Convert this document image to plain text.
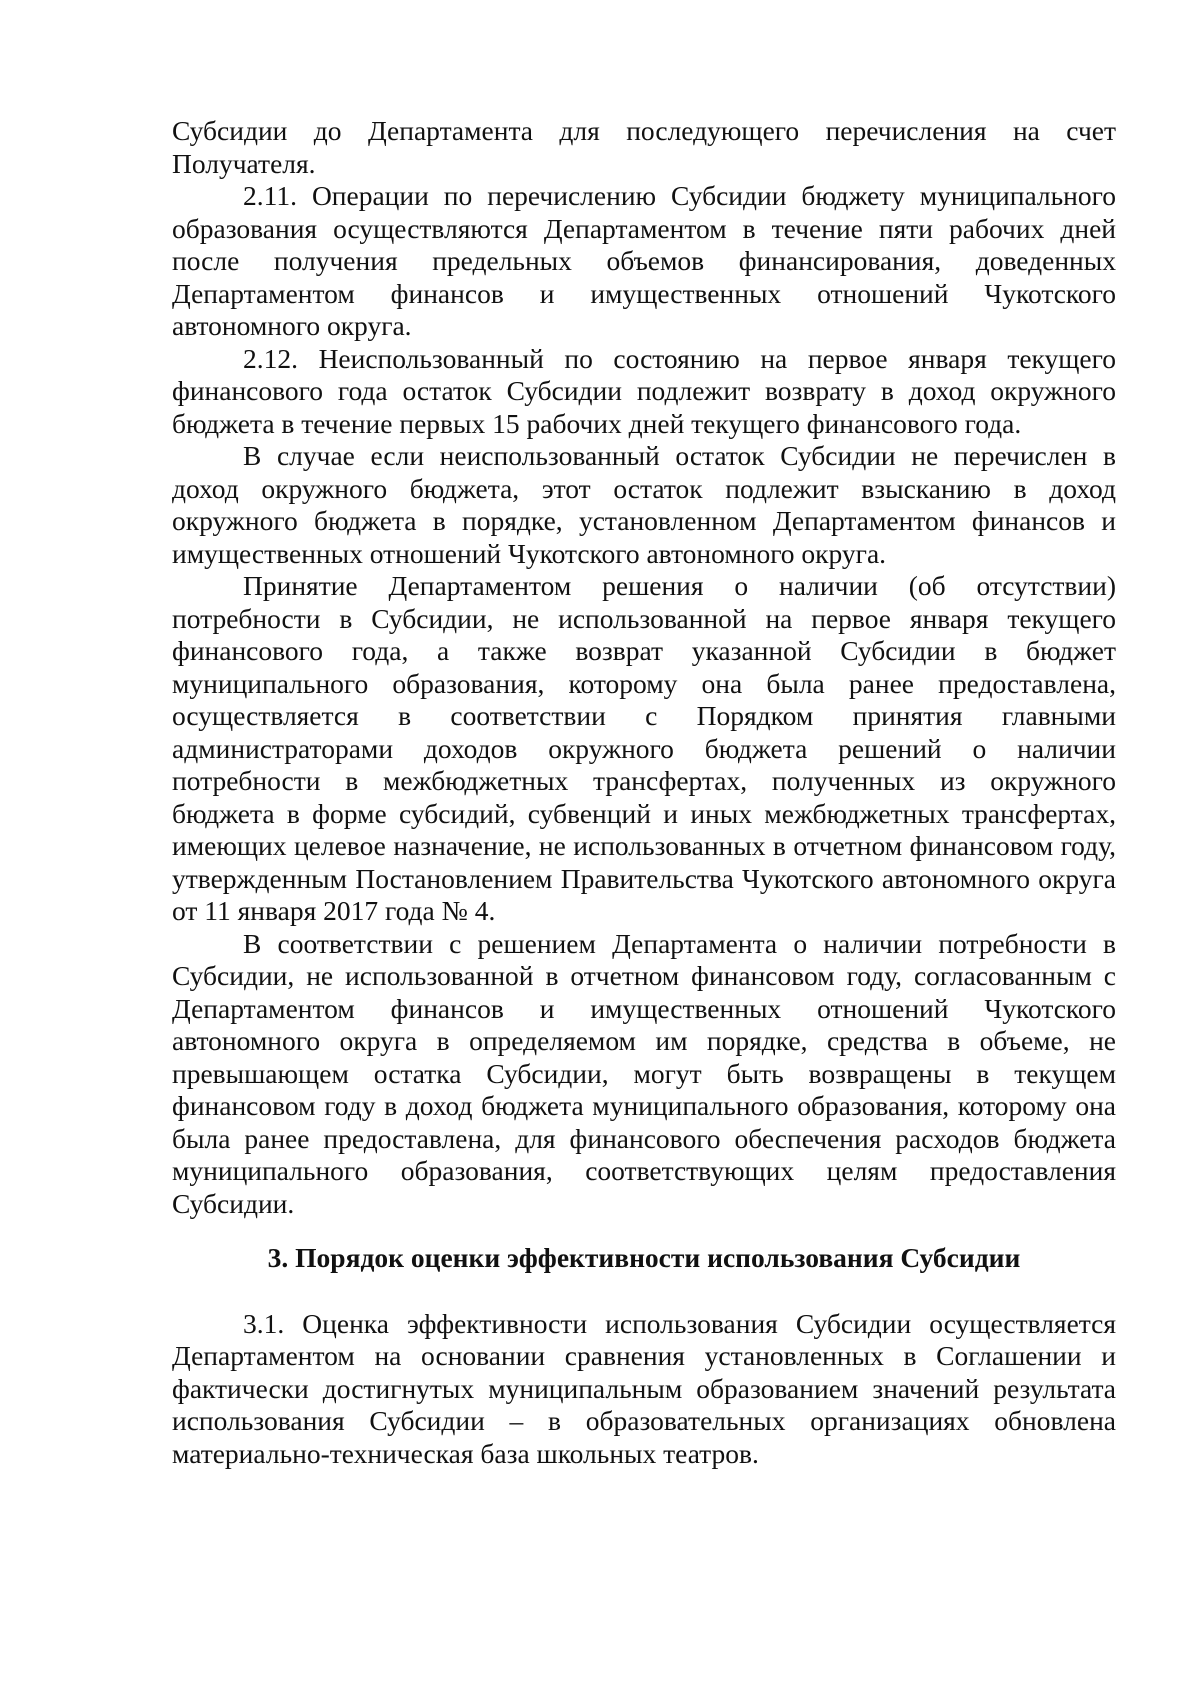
Субсидии до Департамента для последующего перечисления на счет Получателя.

2.11. Операции по перечислению Субсидии бюджету муниципального образования осуществляются Департаментом в течение пяти рабочих дней после получения предельных объемов финансирования, доведенных Департаментом финансов и имущественных отношений Чукотского автономного округа.

2.12. Неиспользованный по состоянию на первое января текущего финансового года остаток Субсидии подлежит возврату в доход окружного бюджета в течение первых 15 рабочих дней текущего финансового года.

В случае если неиспользованный остаток Субсидии не перечислен в доход окружного бюджета, этот остаток подлежит взысканию в доход окружного бюджета в порядке, установленном Департаментом финансов и имущественных отношений Чукотского автономного округа.

Принятие Департаментом решения о наличии (об отсутствии) потребности в Субсидии, не использованной на первое января текущего финансового года, а также возврат указанной Субсидии в бюджет муниципального образования, которому она была ранее предоставлена, осуществляется в соответствии с Порядком принятия главными администраторами доходов окружного бюджета решений о наличии потребности в межбюджетных трансфертах, полученных из окружного бюджета в форме субсидий, субвенций и иных межбюджетных трансфертах, имеющих целевое назначение, не использованных в отчетном финансовом году, утвержденным Постановлением Правительства Чукотского автономного округа от 11 января 2017 года № 4.

В соответствии с решением Департамента о наличии потребности в Субсидии, не использованной в отчетном финансовом году, согласованным с Департаментом финансов и имущественных отношений Чукотского автономного округа в определяемом им порядке, средства в объеме, не превышающем остатка Субсидии, могут быть возвращены в текущем финансовом году в доход бюджета муниципального образования, которому она была ранее предоставлена, для финансового обеспечения расходов бюджета муниципального образования, соответствующих целям предоставления Субсидии.

3. Порядок оценки эффективности использования Субсидии

3.1. Оценка эффективности использования Субсидии осуществляется Департаментом на основании сравнения установленных в Соглашении и фактически достигнутых муниципальным образованием значений результата использования Субсидии – в образовательных организациях обновлена материально-техническая база школьных театров.
